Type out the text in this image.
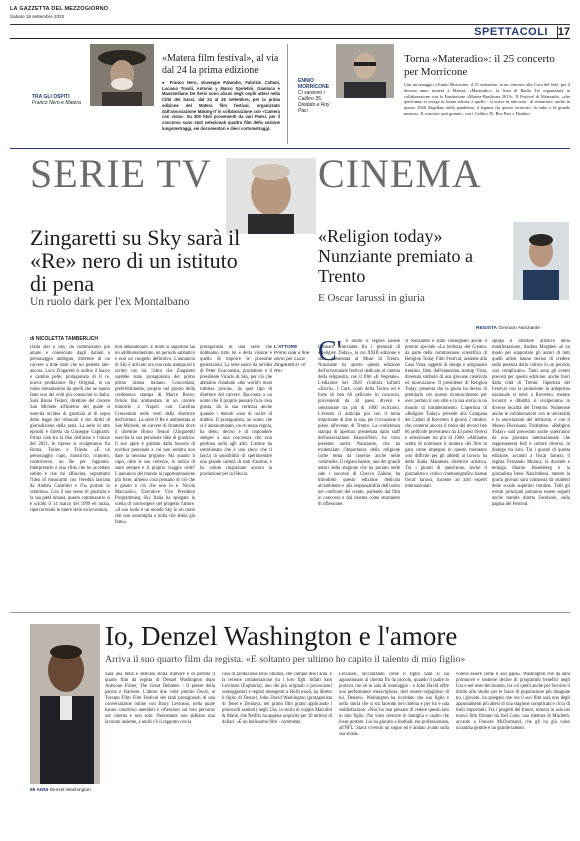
LA GAZZETTA DEL MEZZOGIORNO
Sabato 19 settembre 2020
SPETTACOLI 17
TRA GLI OSPITI
Franco Nero e Matera
«Matera film festival», al via dal 24 la prima edizione
● Franco Nero, Giuseppe Palumbo, Fabrizio Cattani, Luciano Tovoli, Antonio y Marco Spoletini, Gianluca e Massimiliano De Serio sono alcuni degli ospiti attesi nella Città dei Sassi, dal 24 al 26 settembre, per la prima edizione del Matera film festival, organizzato dall'associazione Making-rf in collaborazione con «Camera con vista». Su 300 titoli provenienti da vari Paesi, per il concorso sono stati selezionati quattro film della sezione lungometraggi, sei documentari e dieci cortometraggi.
ENNIO MORRICONE
Ci saranno i Calibro 35, Diodato e Roy Paci
Torna «Materadio»: il 25 concerto per Morricone
Con un omaggio a Ennio Morricone, il 25 settembre, in un concerto alla Cava del Sole, per il decimo anno tornerà a Matera, «Materadio», la festa di Radio Tre organizzata in collaborazione con la Fondazione «Matera-Basilicata 2019». Il Festival di Materadio, «che quest'anno si svolge in forma ridotta, è quello - si scrive in una nota - di rinunciare, anche in questo 2020 flagellato dalla pandemia, il legame fra queste territorio, la radio e la grande musica». Il concerto sarà gratuito, con i Calibro 35, Roy Paci e Diodato.
SERIE TV	CINEMA
Zingaretti su Sky sarà il «Re» nero di un istituto di pena
Un ruolo dark per l'ex Montalbano
di NICOLETTA TAMBERLICH

Dalla Rai a Sky, da commissario più amato e conosciuto dagli italiani a personaggio ambiguo, direttore di un carcere a tinte dark che un potente late-ancora. Luca Zingaretti si aulino il banco e cambia pelle, protagonista di Il re, nuova produzione Sky Original, in un ruolo lontanissimo da quelli che ne hanno fatto uno dei volti più conosciuti in Italia. Sarà Bruno Testori, direttore del carcere San Michele all'interno del quale si esercita un'idea di giustizia al di sopra della legge dei tribunali e dei diritti di giurisdizione della pena. La serie in otto episodi è diretta da Giuseppe Gagliardi. Prima ciak tra la fine dell'anno e l'inizio del 2021, le riprese si svolgeranno fra Roma, Torino e Trieste. «È un personaggio cupo, massiccio, contorto, controverso, un Re per l'appunto. Interpretarlo è una sfida che ho accettato subito e che mi affascina, soprattutto l'idea di misurarmi con l'eredità lasciata da Andrea Camilleri e l'ha portato lo schermo». Con il suo senso di giustizia e la sua pietà umana, questo commissario si è sciolto il 14 marzo del 1999 ed inizia, ripercorrendo le intere serie un'avventura.

non abbandonare. È molti si sugranno sia un additionamentato, un periodo sabbatico e non un congedo definitivo. L'annuncio di Sky è arrivato ora una nota stampa ed è scritto con lui, l'altro che Zingaretti sarebbe stato protagonista del primo primo drama italiano. Concordata, preferibilmente, proprio nel giorno della conferenza stampa di Marco Rover, fiction Rai ambientata in un carcere minorile a Napoli con Carolina Crescentini nelle vesti della direttrice dell'istituto. La serie Il Re è ambientata al San Michele, un carcere di frontiera dove il direttore Bruno Testori (Zingaretti) esercita la sua personale idea di giustizia. Il suo agire è guidato dalla bussola di un'etica personale a cui non sembra non dare la nessuna prigione. Ma quanto il capo, oltre le sue certezze, lo indica di stare sempre e il proprio viaggio cede? L'annuncio del mondo la rappresentazione più forte, almeno cosa pensano di ciò che è giusto e ciò che non lo è. Nicola Maccanico, Executive Vice President Programming Sky Italia ha spiegato la scelta di coinvolgere nel progetto l'attore. «Il suo ruolo è un mondo Sky in un ruolo che non assomiglia a nulla che abbia già fatto».

protagonista di una serie che dobbiamo tutto lui e della visione e quello di imporre le prossime generazioni. La serie nasce da un'idea di Peter Exacoustos, produttore e il presidente Vicario di Sky, per ciò che abbiamo chiamato «the world's most ruthless prison», da quel tipo di direttore del carcere. Racconta a un uomo che il proprio pensare fa la cosa giusta, dà la sua certezza anche quando i metodi sono di uscire di dubbio. Il protagonista, un uomo che si è autonominato, un re senza regola, ha detto, deciso e di rispondere sempre a una coscienza che non perdona nulla agli altri. L'attore ha sottolineato che è uno show che ti lascia la possibilità di sperimentare una grande varietà di stati d'animo, e ha voluto ringraziare ancora la produzione per la fiducia.

L'ATTORE
Primo ciak a fine anno per Luca Zingaretti in «Il Re»
«Religion today» Nunziante premiato a Trento
E Oscar Iarussi in giuria
REGISTA Gennaro Nunziante
C' è anche il regista barese Gennaro Nunziante fra i premiati di «Religion Today», la cui XXIII edizione è stata presentata al Muse di Trento. Nunziante ha aperto questa edizione dell'eccezionale festival dedicato al cinema della religiosità, con il film «Il Vegetale». L'edizione del 2020 s'intitola Infiniti «Escrit». I Care, conti della Torino ed è forte di ben 66 pellicole in concorso, provenienti da 44 paesi diversi e selezionate tra più di 1000 iscrizioni. L'evento ci anticipa poi con il tema importante di dire la sua, per l'occasione il pieno all'evento di Trento. La conferenza stampa di apertura presieduta dallo staff dell'associazione BiancoNero, ha visto presente anche Nunziante, che ha evidenziato l'importanza della religione come tema da inserire anche nelle commedie. Il regista barese, uno dei grandi autori della stagione che ha portato nelle sale i successi di Checco Zalone, ha introdotto questa edizione dedicata all'ambiente e alla responsabilità dell'uomo nei confronti del creato, partendo dai film in concorso e dal cinema come strumento di riflessione.

A Nunziante e stato consegnato anche il premio speciale «La bellezza del Creato» da parte della commissione scientifica di Religion Today Film Festival, assieme alla Casa Vista, oggetto di design e artigianato trentino, fatto dall'ennesima startup Vista, divenuta simbolo di una giovane creatività ed innovazione. Il presidente di Religion Today, presenta che la giuria ha deciso di premiarlo con questo riconoscimento per aver portato il suo stile e la sua storia in un mondo di intrattenimento. L'apertura di «Religion Today» prevede alla Campana dei Caduti di Rovereto il giorno 2 ottobre, che conterrà ancora il titolo del record ben 66 pellicole provenienti da 44 paesi diversi e selezionate tra più di 1000. «Abbiamo scelto di nominare il numero dei film in gara come impegno in questo momento così difficile per gli addetti ai lavori» ha detto Katia Malatesta direttrice artistica. Tra i giurati di quest'anno, anche il giornalista e critico cinematografico barese Oscar Iarussi, insieme ad altri esperti internazionali.

spiega il direttore artistico della manifestazione, Andrea Morghen «è un modo per supportare gli autori di tutti quelli artisti hanno deciso di credere nella potenza della cultura in un periodo così complicato». Tanti sono gli eventi previsti per questa edizione, anche fuori dalla città di Trento: l'apertura del Festival con la proiezione in anteprima nazionale si terrà a Rovereto, mentre incontri e dibattiti si svolgeranno in diverse località del Trentino. Numerose anche le collaborazioni con le università e le associazioni del territorio, e con il Museo Diocesano Tridentino. «Religion Today» sarà preceduto anche quest'anno da una giornata internazionale che rappresenterà fedi e culture diverse, in dialogo tra loro. Tra i giurati di questa edizione, accanto a Oscar Iarussi, il regista Fernando Muraca, la docente e teologa Sharon Rosenberg e la giornalista Irene Nascimbeni, mentre la giuria giovani sarà composta da studenti delle scuole superiori trentine. Tutti gli eventi principali potranno essere seguiti anche tramite diretta Facebook, sulla pagina del Festival.

Io, Denzel Washington e l'amore
Arriva il suo quarto film da regista. «E soltanto per ultimo ho capito il talento di mio figlio»
66 ANNI Denzel Washington

Sarà una bella e delicata storia d'amore e di perdita il quarto film da regista di Denzel Washington dopo Antwone Fisher, The Great Debaters - Il potere della parola e Barriere. L'attore due volte premio Oscar, ai Toronto Film Film Festival dei tanti protagonisti di una conversazione online con Barry Levinson, nella quale hanno condiviso aneddoti e riflessioni sul loro percorso nel cinema e non solo. Nonostante non abbiano mai lavorato insieme, a unirli c'è il rapporto con la

casa di produzione Bros Studios, che compie dieci anni, e la recente collaborazione tra i loro figli. Infatti Sam Levinson (Euphoria), uno dei più originali e provocatori sceneggiatori e registi emergenti a Hollywood, ha diretto il figlio di Denzel, John David Washington (protagonista di Tenet e Zendaya, nel primo film girato applicando i protocolli sanitari) negli Usa, la storia di coppia Malcolm & Marie, che Netflix ha appena acquisito per 30 milioni di dollari. «È un bellissimo film - commenta

Levinson, raccontando come il figlio Sam si sia appassionato al cinema fin da piccolo, quando il padre lo portava con sé in sala di montaggio - e John David offre una performance meravigliosa, devi essere orgoglioso di lui, Denzel». Washington ha ricordato che suo figlio e nella storia che si sta facendo nel cinema e per lui è una soddisfazione: «Non ho mai pensato di vedere questo lato in mio figlio, l'ho visto crescere in famiglia e capito che fosse portato. Lui ha giocato a football, era professionista, all'NFL. Stava vivendo un sogno ed è andato avanti sulla sua strada.

voleva essere come il suo papà». Washington che da anni promuove e sostiene decine di programmi benefici negli Usa e nei resto del mondo, tra cui quelli anche per favorire il diritto allo studio per le fasce di popolazione più disagiate tra i giovani, ha spiegato che ora il suo film sarà uno degli appuntamenti più attesi di una stagione complicata e ricca di titoli importanti. Fra i progetti del futuro, tornerà in sala nel nuovo film firmato da Joel Coen, una rilettura di Macbeth, accanto a Frances McDormand, che gli ha già valso un'anima gentile e un grande talento.
